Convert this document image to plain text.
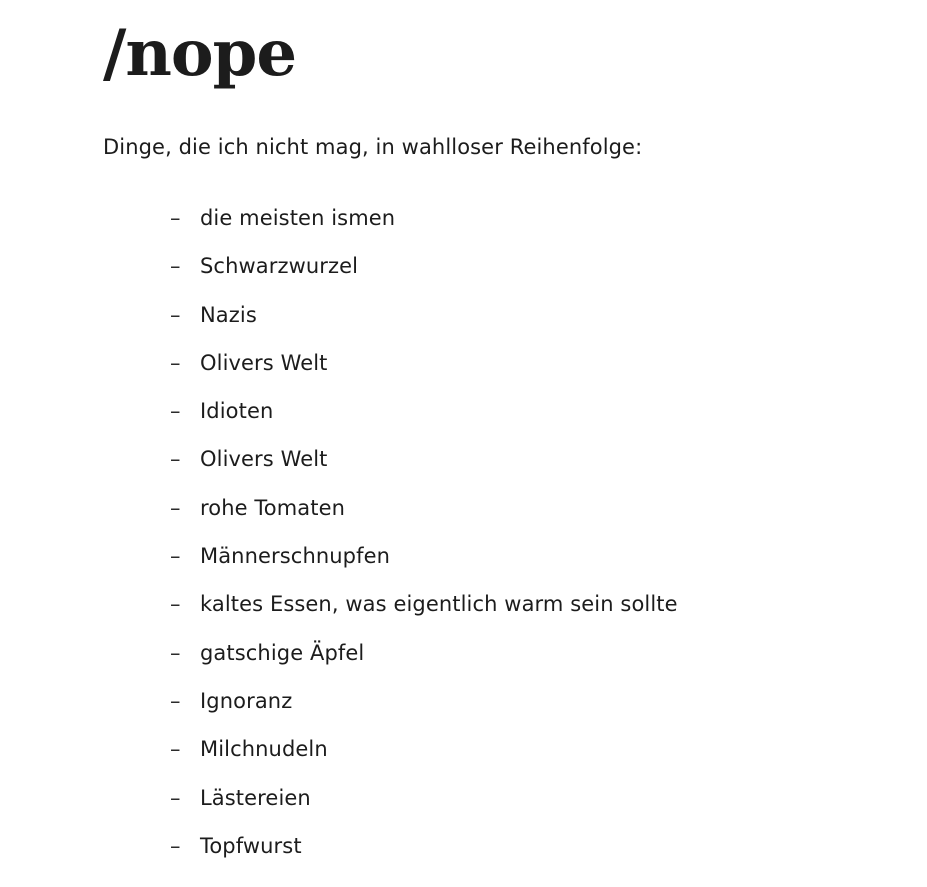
/nope

Dinge, die ich nicht mag, in wahlloser Reihenfolge:

– die meisten ismen
– Schwarzwurzel
– Nazis
– Olivers Welt
– Idioten
– Olivers Welt
– rohe Tomaten
– Männerschnupfen
– kaltes Essen, was eigentlich warm sein sollte
– gatschige Äpfel
– Ignoranz
– Milchnudeln
– Lästereien
– Topfwurst
